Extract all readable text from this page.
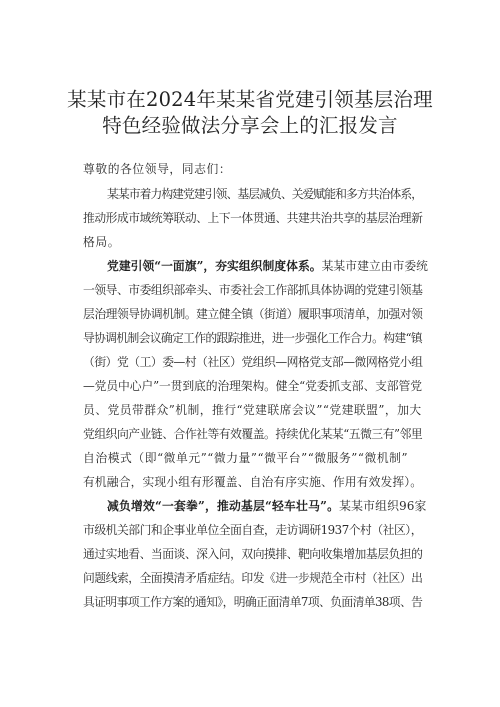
某某市在2024年某某省党建引领基层治理
特色经验做法分享会上的汇报发言
尊敬的各位领导，同志们：
某某市着力构建党建引领、基层减负、关爱赋能和多方共治体系，
推动形成市域统筹联动、上下一体贯通、共建共治共享的基层治理新
格局。
党建引领“一面旗”，夯实组织制度体系。某某市建立由市委统
一领导、市委组织部牵头、市委社会工作部抓具体协调的党建引领基
层治理领导协调机制。建立健全镇（街道）履职事项清单，加强对领
导协调机制会议确定工作的跟踪推进，进一步强化工作合力。构建“镇
（街）党（工）委—村（社区）党组织—网格党支部—微网格党小组
—党员中心户”一贯到底的治理架构。健全“党委抓支部、支部管党
员、党员带群众”机制，推行“党建联席会议”“党建联盟”，加大
党组织向产业链、合作社等有效覆盖。持续优化某某“五微三有”邻里
自治模式（即“微单元”“微力量”“微平台”“微服务”“微机制”
有机融合，实现小组有形覆盖、自治有序实施、作用有效发挥）。
减负增效“一套拳”，推动基层“轻车壮马”。某某市组织96家
市级机关部门和企事业单位全面自查，走访调研1937个村（社区），
通过实地看、当面谈、深入问，双向摸排、靶向收集增加基层负担的
问题线索，全面摸清矛盾症结。印发《进一步规范全市村（社区）出
具证明事项工作方案的通知》，明确正面清单7项、负面清单38项、告
